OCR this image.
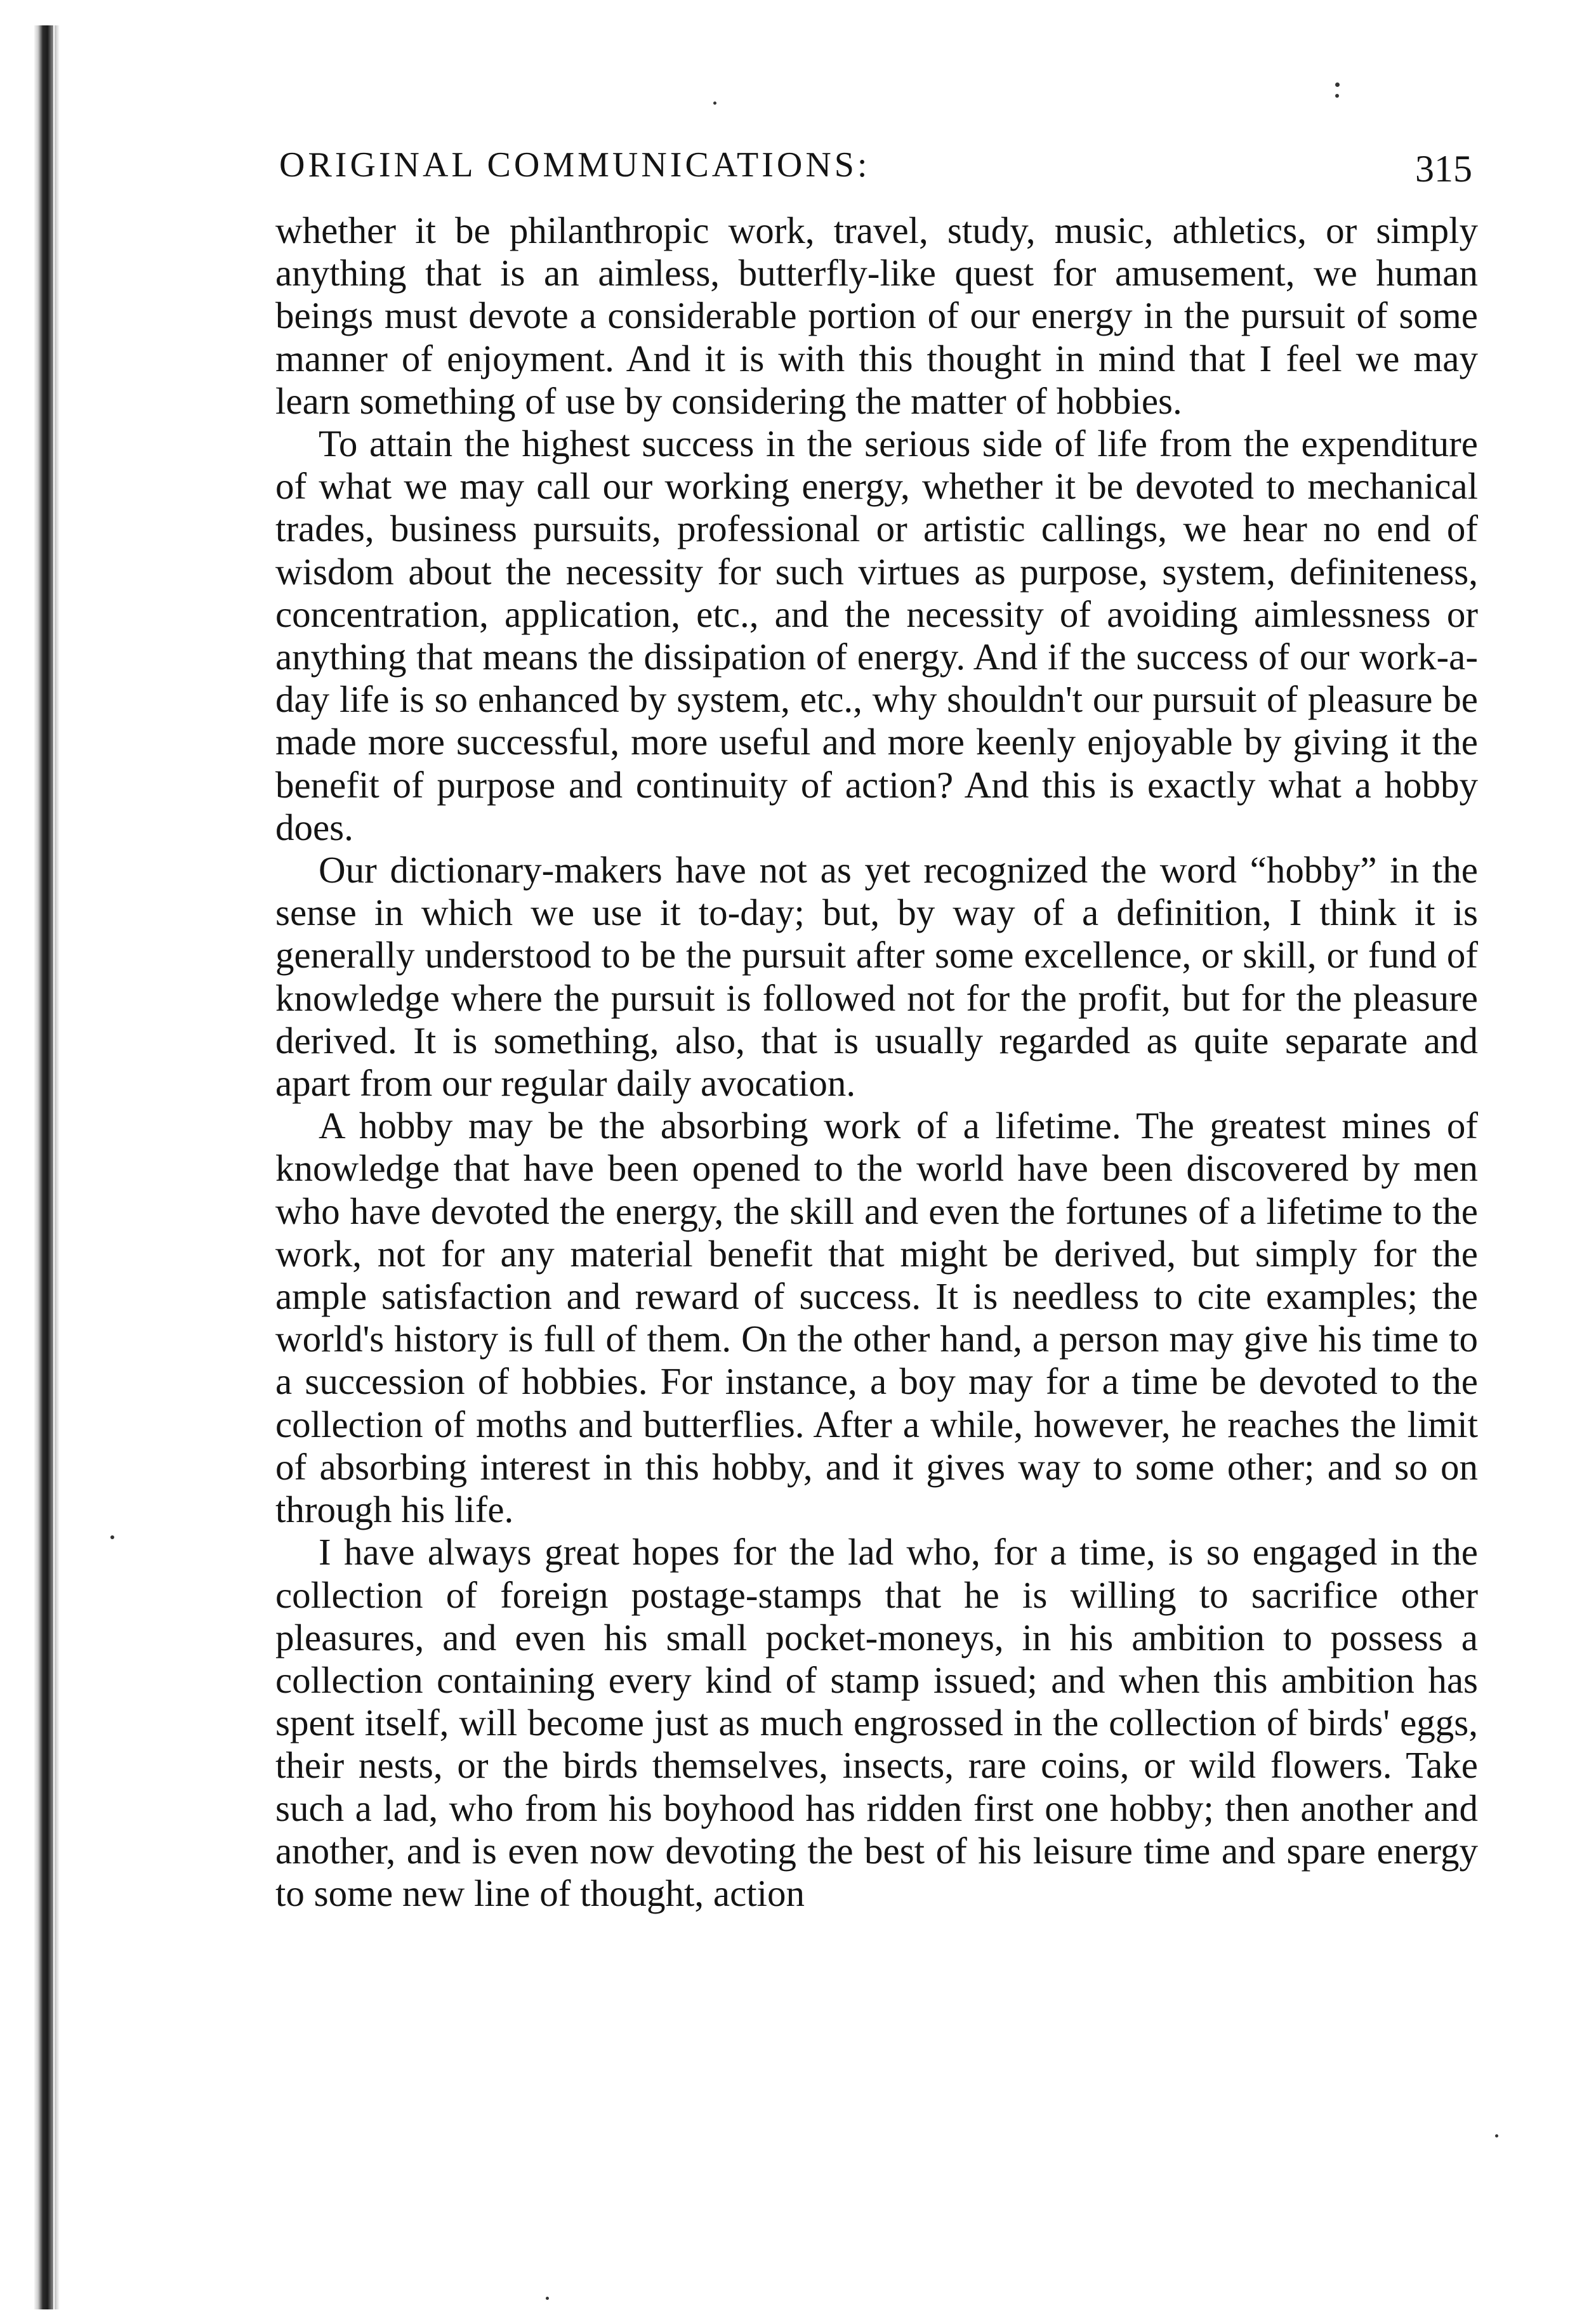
ORIGINAL COMMUNICATIONS:	315

whether it be philanthropic work, travel, study, music, athletics, or simply anything that is an aimless, butterfly-like quest for amusement, we human beings must devote a considerable portion of our energy in the pursuit of some manner of enjoyment. And it is with this thought in mind that I feel we may learn something of use by considering the matter of hobbies.

To attain the highest success in the serious side of life from the expenditure of what we may call our working energy, whether it be devoted to mechanical trades, business pursuits, professional or artistic callings, we hear no end of wisdom about the necessity for such virtues as purpose, system, definiteness, concentration, application, etc., and the necessity of avoiding aimlessness or anything that means the dissipation of energy. And if the success of our work-a-day life is so enhanced by system, etc., why shouldn't our pursuit of pleasure be made more successful, more useful and more keenly enjoyable by giving it the benefit of purpose and continuity of action? And this is exactly what a hobby does.

Our dictionary-makers have not as yet recognized the word “hobby” in the sense in which we use it to-day; but, by way of a definition, I think it is generally understood to be the pursuit after some excellence, or skill, or fund of knowledge where the pursuit is followed not for the profit, but for the pleasure derived. It is something, also, that is usually regarded as quite separate and apart from our regular daily avocation.

A hobby may be the absorbing work of a lifetime. The greatest mines of knowledge that have been opened to the world have been discovered by men who have devoted the energy, the skill and even the fortunes of a lifetime to the work, not for any material benefit that might be derived, but simply for the ample satisfaction and reward of success. It is needless to cite examples; the world's history is full of them. On the other hand, a person may give his time to a succession of hobbies. For instance, a boy may for a time be devoted to the collection of moths and butterflies. After a while, however, he reaches the limit of absorbing interest in this hobby, and it gives way to some other; and so on through his life.

I have always great hopes for the lad who, for a time, is so engaged in the collection of foreign postage-stamps that he is willing to sacrifice other pleasures, and even his small pocket-moneys, in his ambition to possess a collection containing every kind of stamp issued; and when this ambition has spent itself, will become just as much engrossed in the collection of birds' eggs, their nests, or the birds themselves, insects, rare coins, or wild flowers. Take such a lad, who from his boyhood has ridden first one hobby; then another and another, and is even now devoting the best of his leisure time and spare energy to some new line of thought, action
